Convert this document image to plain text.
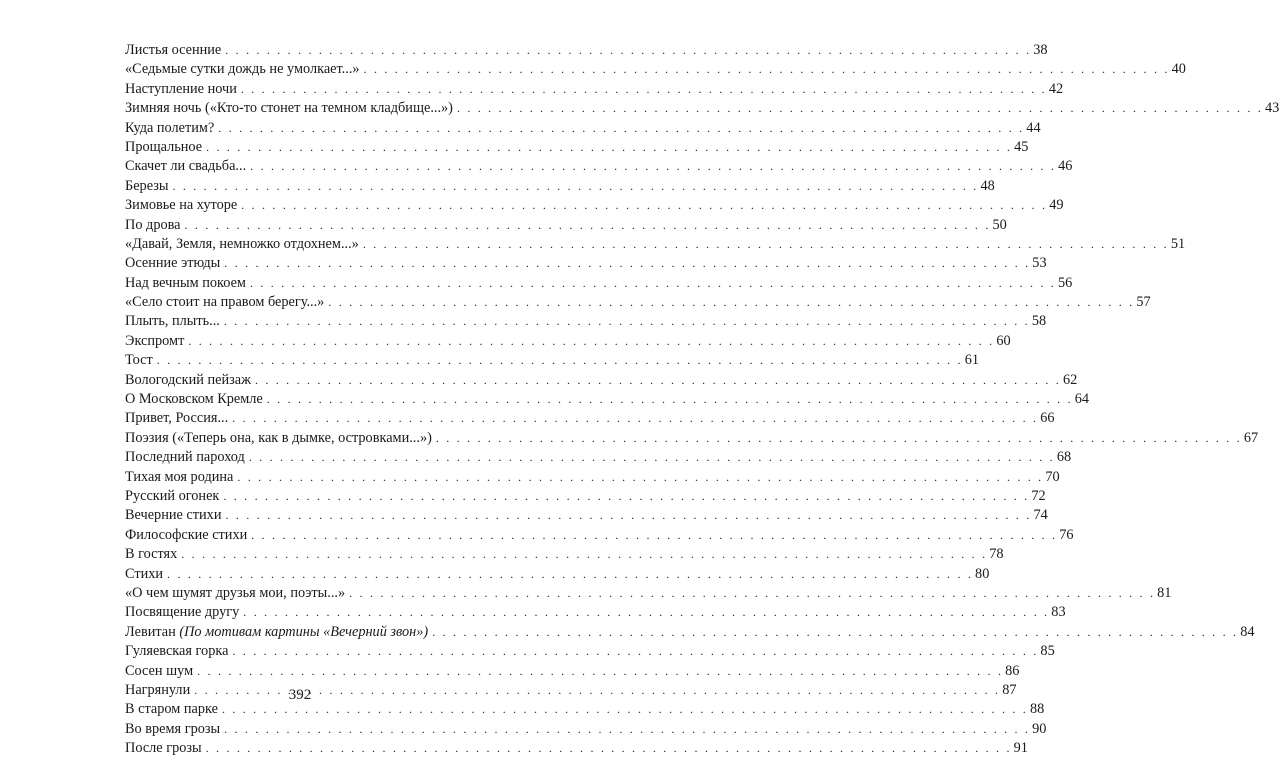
Листья осенние . . .	38
«Седьмые сутки дождь не умолкает...» . . .	40
Наступление ночи . . .	42
Зимняя ночь («Кто-то стонет на темном кладбище...») . . .	43
Куда полетим? . . .	44
Прощальное . . .	45
Скачет ли свадьба... . . .	46
Березы . . .	48
Зимовье на хуторе . . .	49
По дрова . . .	50
«Давай, Земля, немножко отдохнем...» . . .	51
Осенние этюды . . .	53
Над вечным покоем . . .	56
«Село стоит на правом берегу...» . . .	57
Плыть, плыть... . . .	58
Экспромт . . .	60
Тост . . .	61
Вологодский пейзаж . . .	62
О Московском Кремле . . .	64
Привет, Россия... . . .	66
Поэзия («Теперь она, как в дымке, островками...») . . .	67
Последний пароход . . .	68
Тихая моя родина . . .	70
Русский огонек . . .	72
Вечерние стихи . . .	74
Философские стихи . . .	76
В гостях . . .	78
Стихи . . .	80
«О чем шумят друзья мои, поэты...» . . .	81
Посвящение другу . . .	83
Левитан (По мотивам картины «Вечерний звон») . . .	84
Гуляевская горка . . .	85
Сосен шум . . .	86
Нагрянули . . .	87
В старом парке . . .	88
Во время грозы . . .	90
После грозы . . .	91
392
